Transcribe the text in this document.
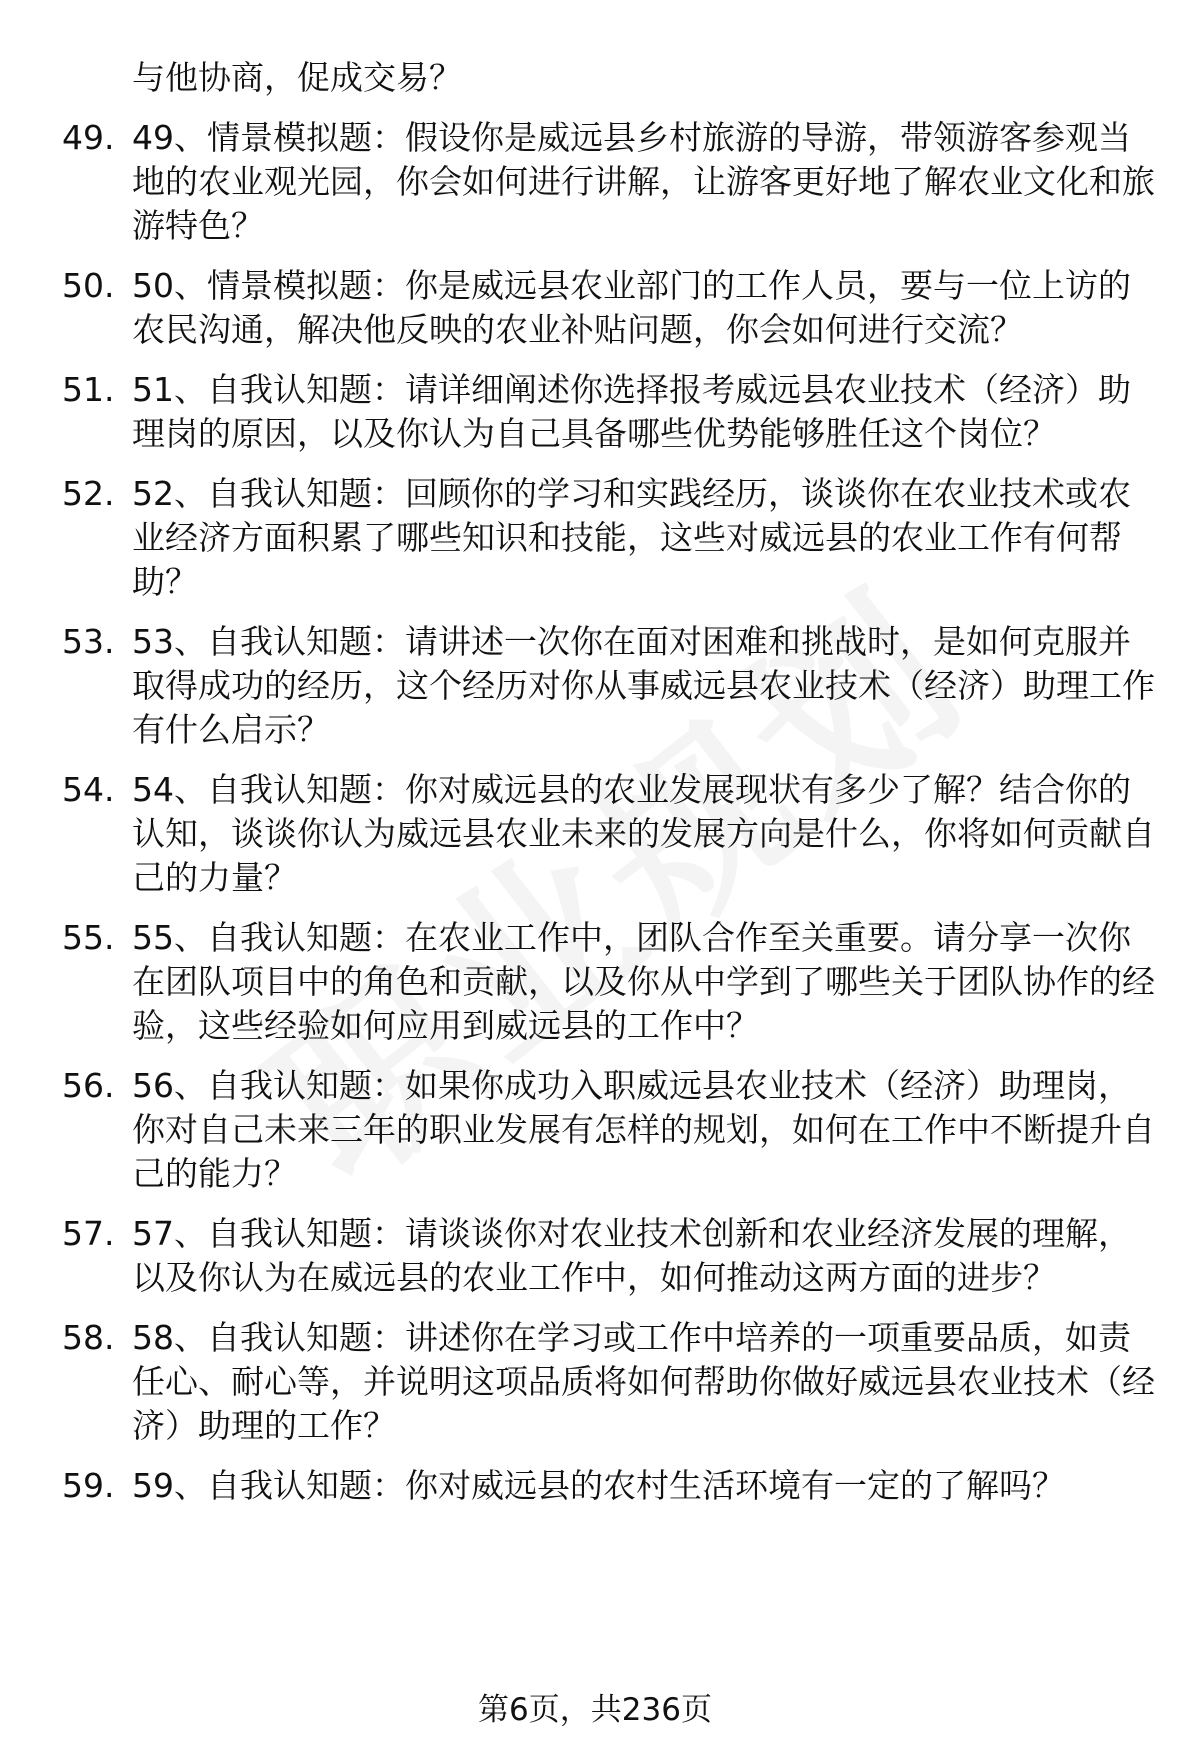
与他协商，促成交易？

49. 49、情景模拟题：假设你是威远县乡村旅游的导游，带领游客参观当地的农业观光园，你会如何进行讲解，让游客更好地了解农业文化和旅游特色？
50. 50、情景模拟题：你是威远县农业部门的工作人员，要与一位上访的农民沟通，解决他反映的农业补贴问题，你会如何进行交流？
51. 51、自我认知题：请详细阐述你选择报考威远县农业技术（经济）助理岗的原因，以及你认为自己具备哪些优势能够胜任这个岗位？
52. 52、自我认知题：回顾你的学习和实践经历，谈谈你在农业技术或农业经济方面积累了哪些知识和技能，这些对威远县的农业工作有何帮助？
53. 53、自我认知题：请讲述一次你在面对困难和挑战时，是如何克服并取得成功的经历，这个经历对你从事威远县农业技术（经济）助理工作有什么启示？
54. 54、自我认知题：你对威远县的农业发展现状有多少了解？结合你的认知，谈谈你认为威远县农业未来的发展方向是什么，你将如何贡献自己的力量？
55. 55、自我认知题：在农业工作中，团队合作至关重要。请分享一次你在团队项目中的角色和贡献，以及你从中学到了哪些关于团队协作的经验，这些经验如何应用到威远县的工作中？
56. 56、自我认知题：如果你成功入职威远县农业技术（经济）助理岗，你对自己未来三年的职业发展有怎样的规划，如何在工作中不断提升自己的能力？
57. 57、自我认知题：请谈谈你对农业技术创新和农业经济发展的理解，以及你认为在威远县的农业工作中，如何推动这两方面的进步？
58. 58、自我认知题：讲述你在学习或工作中培养的一项重要品质，如责任心、耐心等，并说明这项品质将如何帮助你做好威远县农业技术（经济）助理的工作？
59. 59、自我认知题：你对威远县的农村生活环境有一定的了解吗？
第6页，共236页
